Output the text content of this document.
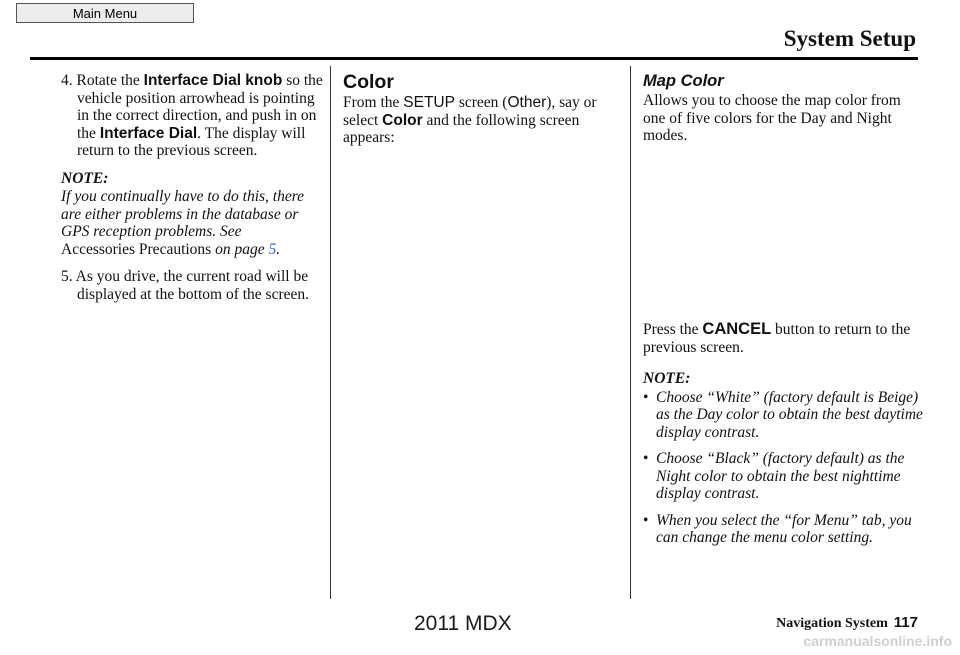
Main Menu
System Setup

4. Rotate the Interface Dial knob so the vehicle position arrowhead is pointing in the correct direction, and push in on the Interface Dial. The display will return to the previous screen.

NOTE:

If you continually have to do this, there are either problems in the database or GPS reception problems. See
Accessories Precautions on page 5.

5. As you drive, the current road will be displayed at the bottom of the screen.

Color

From the SETUP screen (Other), say or select Color and the following screen appears:

Map Color

Allows you to choose the map color from one of five colors for the Day and Night modes.

Press the CANCEL button to return to the previous screen.

NOTE:

• Choose “White” (factory default is Beige) as the Day color to obtain the best daytime display contrast.
• Choose “Black” (factory default) as the Night color to obtain the best nighttime display contrast.
• When you select the “for Menu” tab, you can change the menu color setting.
2011 MDX	Navigation System 117
carmanualsonline.info
